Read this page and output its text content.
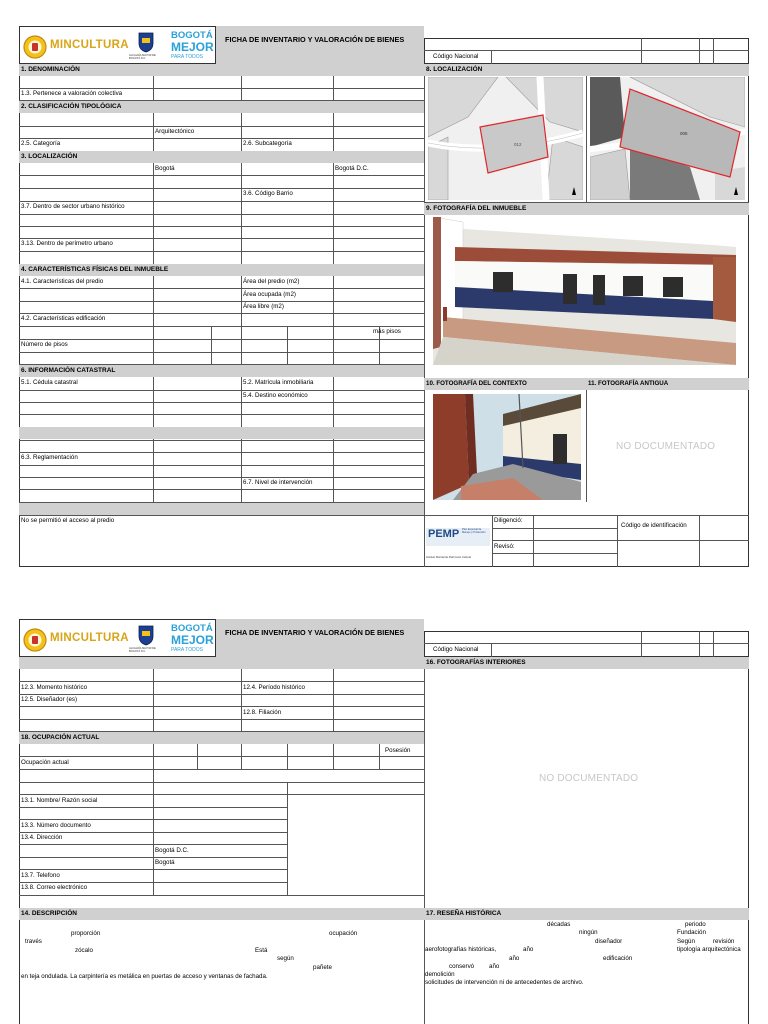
MINCULTURA
ALCALDÍA MAYOR DE BOGOTÁ D.C.
BOGOTÁ
MEJOR
PARA TODOS
FICHA DE INVENTARIO Y VALORACIÓN DE BIENES
Código Nacional
1. DENOMINACIÓN
2. CLASIFICACIÓN TIPOLÓGICA
3. LOCALIZACIÓN
4. CARACTERÍSTICAS FÍSICAS DEL INMUEBLE
6. INFORMACIÓN CATASTRAL
1.3. Pertenece a valoración colectiva
Arquitectónico
2.5. Categoría	2.6. Subcategoría
Bogotá	Bogotá D.C.
3.6. Código Barrio
3.7. Dentro de sector urbano histórico
3.13. Dentro de perímetro urbano
4.1. Características del predio	Área del predio (m2)
Área ocupada (m2)
Área libre (m2)
4.2. Características edificación
más pisos
Número de pisos
5.1. Cédula catastral	5.2. Matrícula inmobiliaria
5.4. Destino económico
6.3. Reglamentación
6.7. Nivel de intervención
No se permitió el acceso al predio
8. LOCALIZACIÓN
012
006
9. FOTOGRAFÍA DEL INMUEBLE
10. FOTOGRAFÍA DEL CONTEXTO	11. FOTOGRAFÍA ANTIGUA
NO DOCUMENTADO
PEMP Plan Especial de Manejo y Protección
Instituto Distrital de Patrimonio Cultural
Diligenció:
Revisó:
Código de identificación
MINCULTURA
ALCALDÍA MAYOR DE BOGOTÁ D.C.
BOGOTÁ
MEJOR
PARA TODOS
FICHA DE INVENTARIO Y VALORACIÓN DE BIENES
Código Nacional
18. OCUPACIÓN ACTUAL
12.3. Momento histórico	12.4. Período histórico
12.5. Diseñador (es)
12.8. Filiación
Posesión
Ocupación actual
13.1. Nombre/ Razón social
13.3. Número documento
13.4. Dirección
Bogotá D.C.
Bogotá
13.7. Telefono
13.8. Correo electrónico
14. DESCRIPCIÓN
proporción	ocupación
través
zócalo	Está
según
pañete
en teja ondulada. La carpintería es metálica en puertas de acceso y ventanas de fachada.
16. FOTOGRAFÍAS INTERIORES
NO DOCUMENTADO
17. RESEÑA HISTÓRICA
décadas	periodo
ningún	Fundación
diseñador	Según	revisión
aerofotografías históricas,	año	tipología arquitectónica
año	edificación
conservó año
demolición
solicitudes de intervención ni de antecedentes de archivo.
